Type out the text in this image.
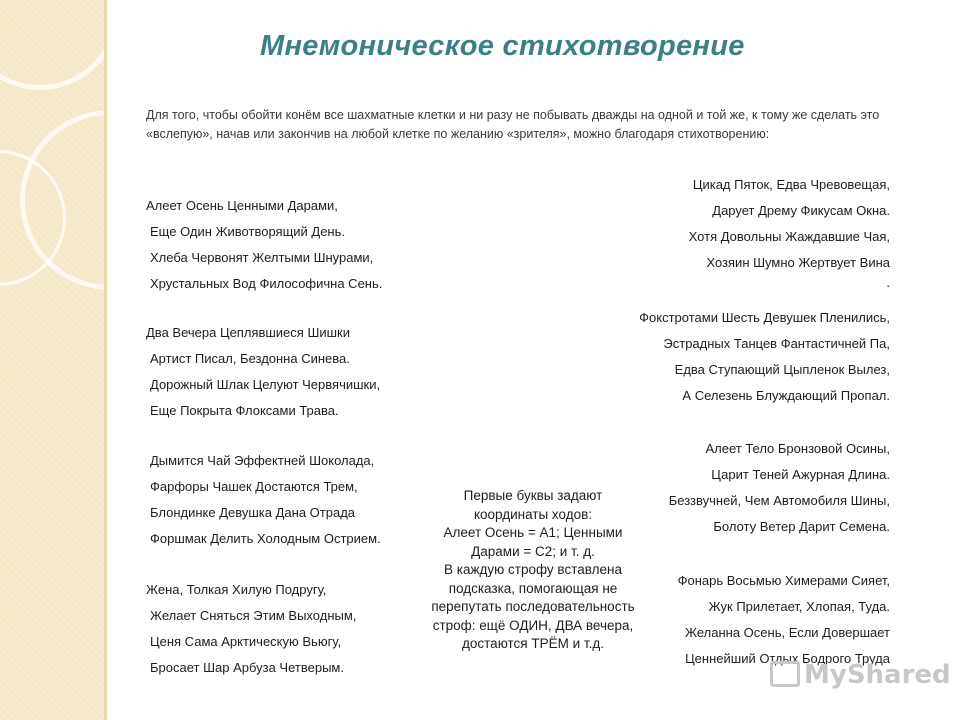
Мнемоническое стихотворение

Для того, чтобы обойти конём все шахматные клетки и ни разу не побывать дважды на одной и той же, к тому же сделать это «вслепую», начав или закончив на любой клетке по желанию «зрителя», можно благодаря стихотворению:

Алеет Осень Ценными Дарами,
Еще Один Животворящий День.
Хлеба Червонят Желтыми Шнурами,
Хрустальных Вод Философична Сень.
Два Вечера Цеплявшиеся Шишки
Артист Писал, Бездонна Синева.
Дорожный Шлак Целуют Червячишки,
Еще Покрыта Флоксами Трава.
Дымится Чай Эффектней Шоколада,
Фарфоры Чашек Достаются Трем,
Блондинке Девушка Дана Отрада
Форшмак Делить Холодным Острием.
Жена, Толкая Хилую Подругу,
Желает Сняться Этим Выходным,
Ценя Сама Арктическую Вьюгу,
Бросает Шар Арбуза Четверым.
Цикад Пяток, Едва Чревовещая,
Дарует Дрему Фикусам Окна.
Хотя Довольны Жаждавшие Чая,
Хозяин Шумно Жертвует Вина
.
Фокстротами Шесть Девушек Пленились,
Эстрадных Танцев Фантастичней Па,
Едва Ступающий Цыпленок Вылез,
А Селезень Блуждающий Пропал.
Алеет Тело Бронзовой Осины,
Царит Теней Ажурная Длина.
Беззвучней, Чем Автомобиля Шины,
Болоту Ветер Дарит Семена.
Фонарь Восьмью Химерами Сияет,
Жук Прилетает, Хлопая, Туда.
Желанна Осень, Если Довершает
Ценнейший Отдых Бодрого Труда
Первые буквы задают
координаты ходов:
Алеет Осень = A1; Ценными
Дарами = C2; и т. д.
В каждую строфу вставлена
подсказка, помогающая не
перепутать последовательность
строф: ещё ОДИН, ДВА вечера,
достаются ТРЁМ и т.д.
MyShared
